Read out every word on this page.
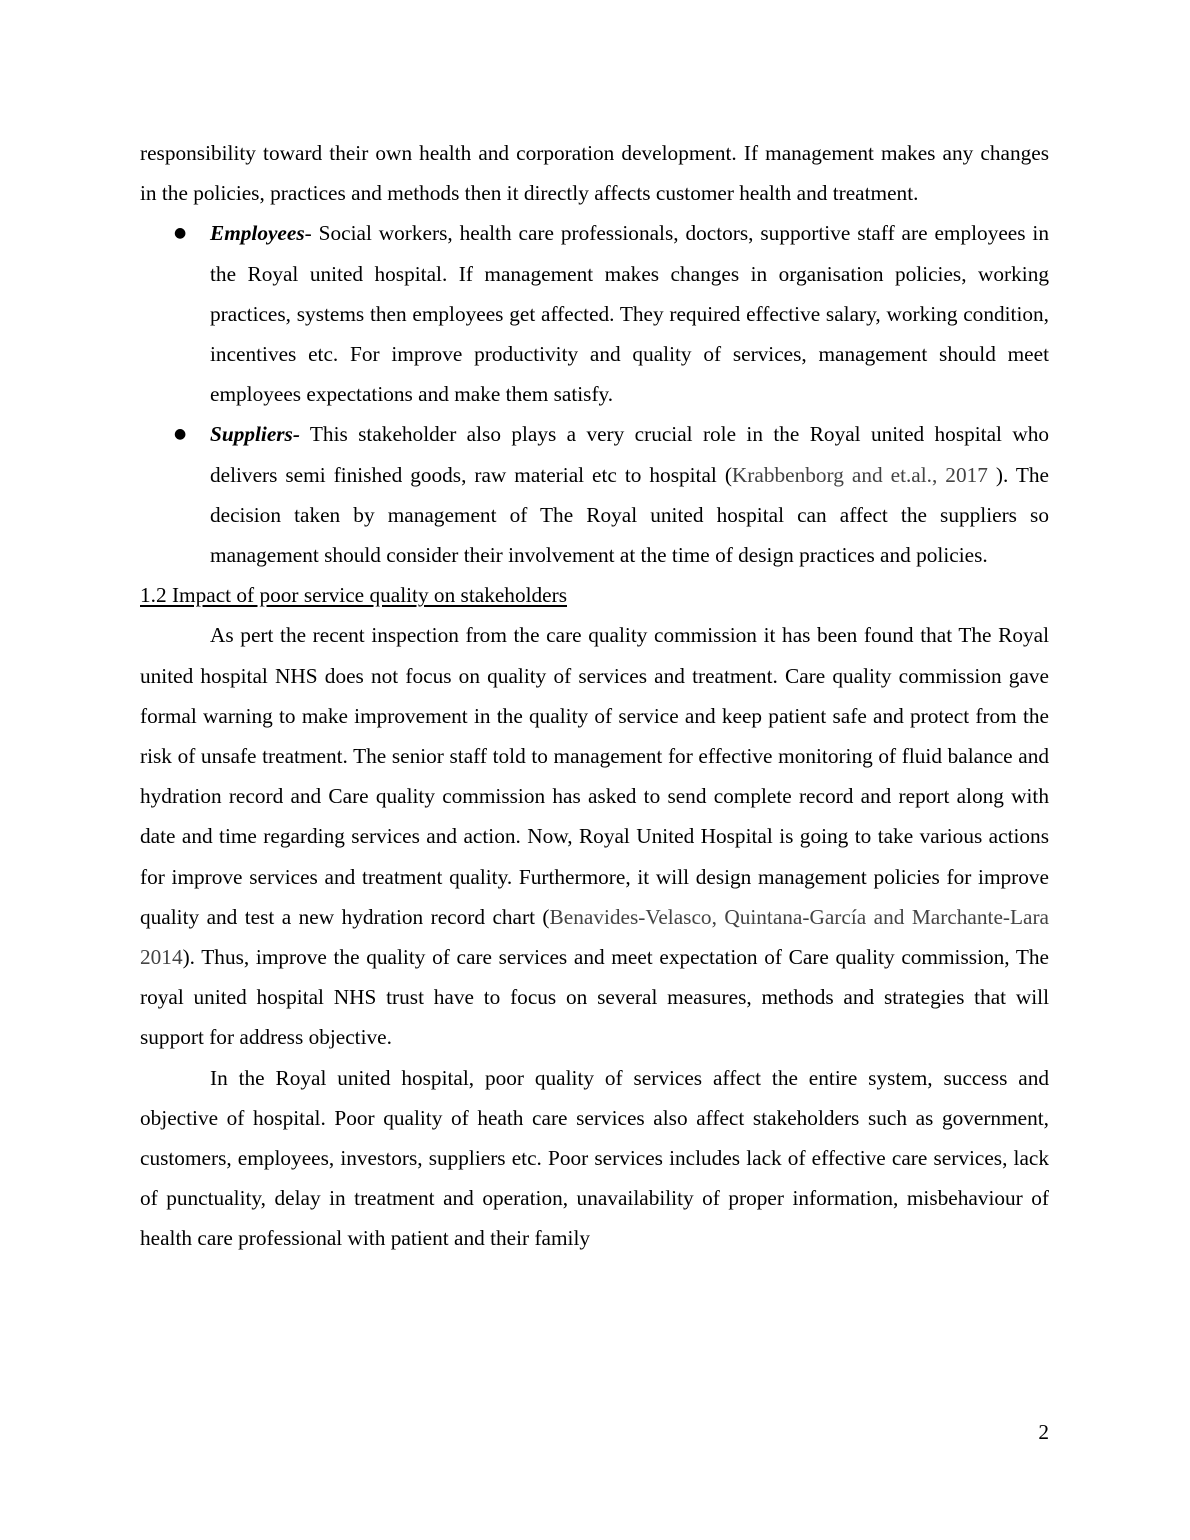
responsibility toward their own health and corporation development. If management makes any changes in the policies, practices and methods then it directly affects customer health and treatment.

● Employees- Social workers, health care professionals, doctors, supportive staff are employees in the Royal united hospital. If management makes changes in organisation policies, working practices, systems then employees get affected. They required effective salary, working condition, incentives etc. For improve productivity and quality of services, management should meet employees expectations and make them satisfy.

● Suppliers- This stakeholder also plays a very crucial role in the Royal united hospital who delivers semi finished goods, raw material etc to hospital (Krabbenborg and et.al., 2017 ). The decision taken by management of The Royal united hospital can affect the suppliers so management should consider their involvement at the time of design practices and policies.

1.2 Impact of poor service quality on stakeholders

As pert the recent inspection from the care quality commission it has been found that The Royal united hospital NHS does not focus on quality of services and treatment. Care quality commission gave formal warning to make improvement in the quality of service and keep patient safe and protect from the risk of unsafe treatment. The senior staff told to management for effective monitoring of fluid balance and hydration record and Care quality commission has asked to send complete record and report along with date and time regarding services and action. Now, Royal United Hospital is going to take various actions for improve services and treatment quality. Furthermore, it will design management policies for improve quality and test a new hydration record chart (Benavides-Velasco, Quintana-García and Marchante-Lara 2014). Thus, improve the quality of care services and meet expectation of Care quality commission, The royal united hospital NHS trust have to focus on several measures, methods and strategies that will support for address objective.

In the Royal united hospital, poor quality of services affect the entire system, success and objective of hospital. Poor quality of heath care services also affect stakeholders such as government, customers, employees, investors, suppliers etc. Poor services includes lack of effective care services, lack of punctuality, delay in treatment and operation, unavailability of proper information, misbehaviour of health care professional with patient and their family

2
